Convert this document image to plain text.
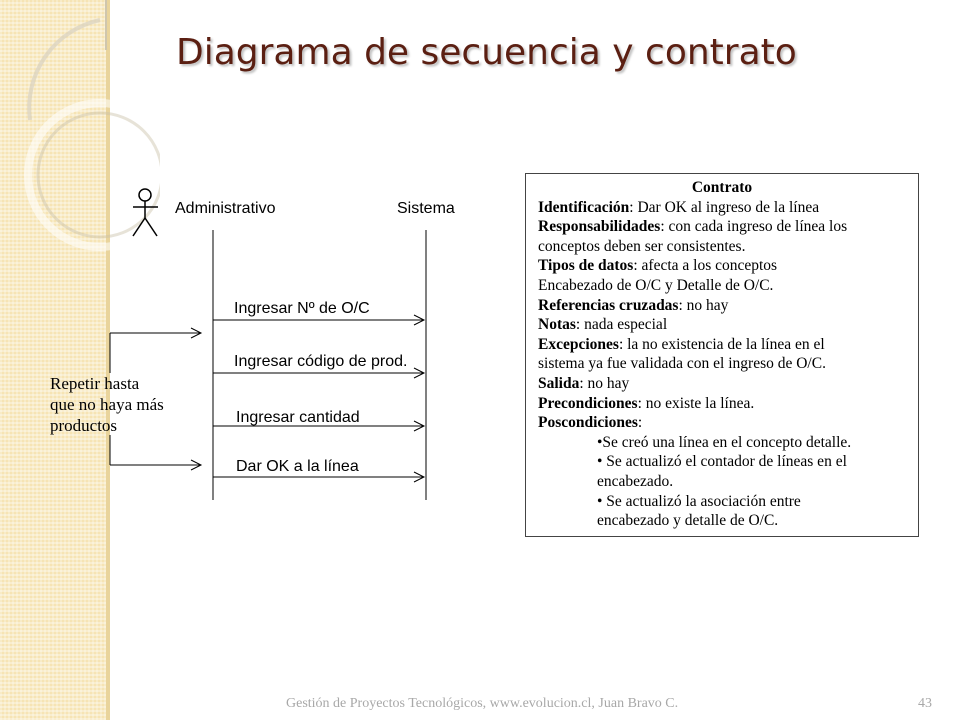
Diagrama de secuencia y contrato
Administrativo	Sistema
Ingresar Nº de O/C
Ingresar código de prod.
Ingresar cantidad
Dar OK a la línea
Repetir hasta
que no haya más
productos
Contrato
Identificación: Dar OK al ingreso de la línea
Responsabilidades: con cada ingreso de línea los
conceptos deben ser consistentes.
Tipos de datos: afecta a los conceptos
Encabezado de O/C y Detalle de O/C.
Referencias cruzadas: no hay
Notas: nada especial
Excepciones: la no existencia de la línea en el
sistema ya fue validada con el ingreso de O/C.
Salida: no hay
Precondiciones: no existe la línea.
Poscondiciones:
•Se creó una línea en el concepto detalle.
• Se actualizó el contador de líneas en el
encabezado.
• Se actualizó la asociación entre
encabezado y detalle de O/C.
Gestión de Proyectos Tecnológicos, www.evolucion.cl, Juan Bravo C.	43
